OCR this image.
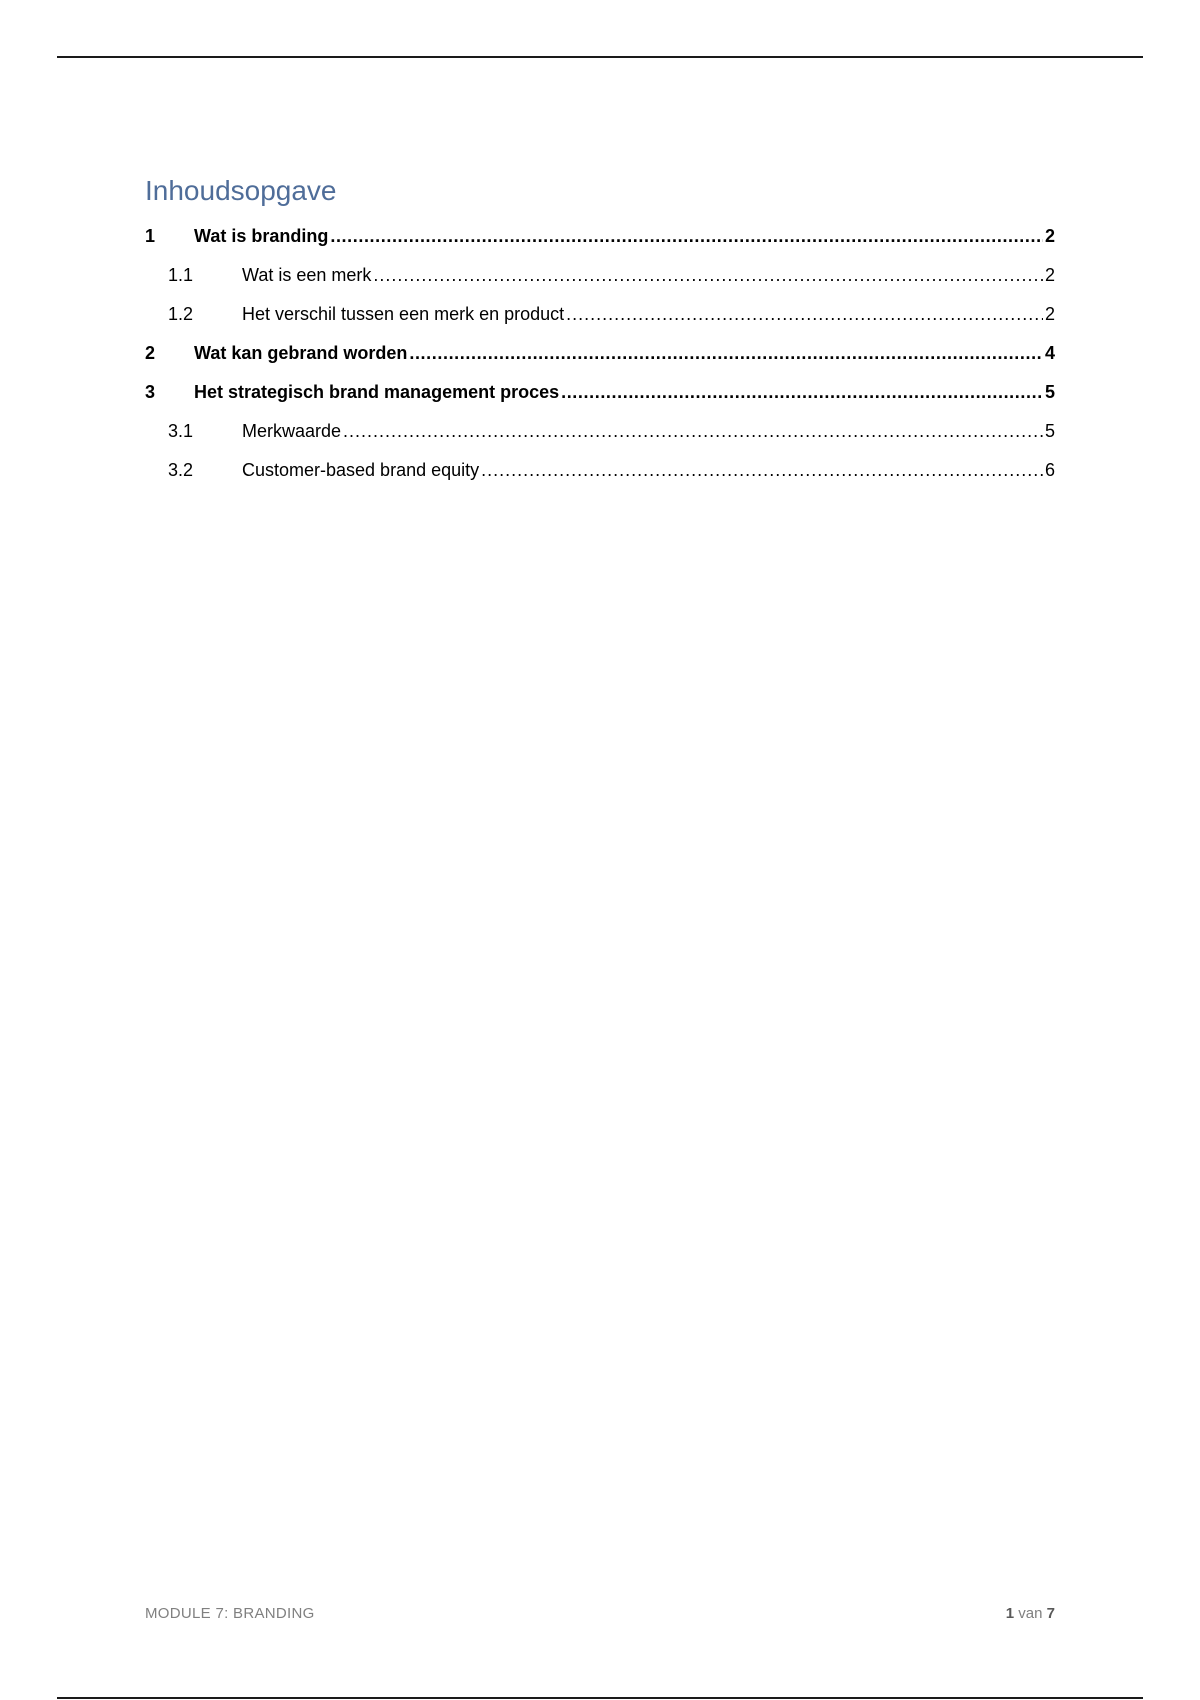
Inhoudsopgave
1	Wat is branding .....	2
1.1	Wat is een merk .....	2
1.2	Het verschil tussen een merk en product .....	2
2	Wat kan gebrand worden .....	4
3	Het strategisch brand management proces .....	5
3.1	Merkwaarde .....	5
3.2	Customer-based brand equity .....	6
MODULE 7: BRANDING	1 van 7
